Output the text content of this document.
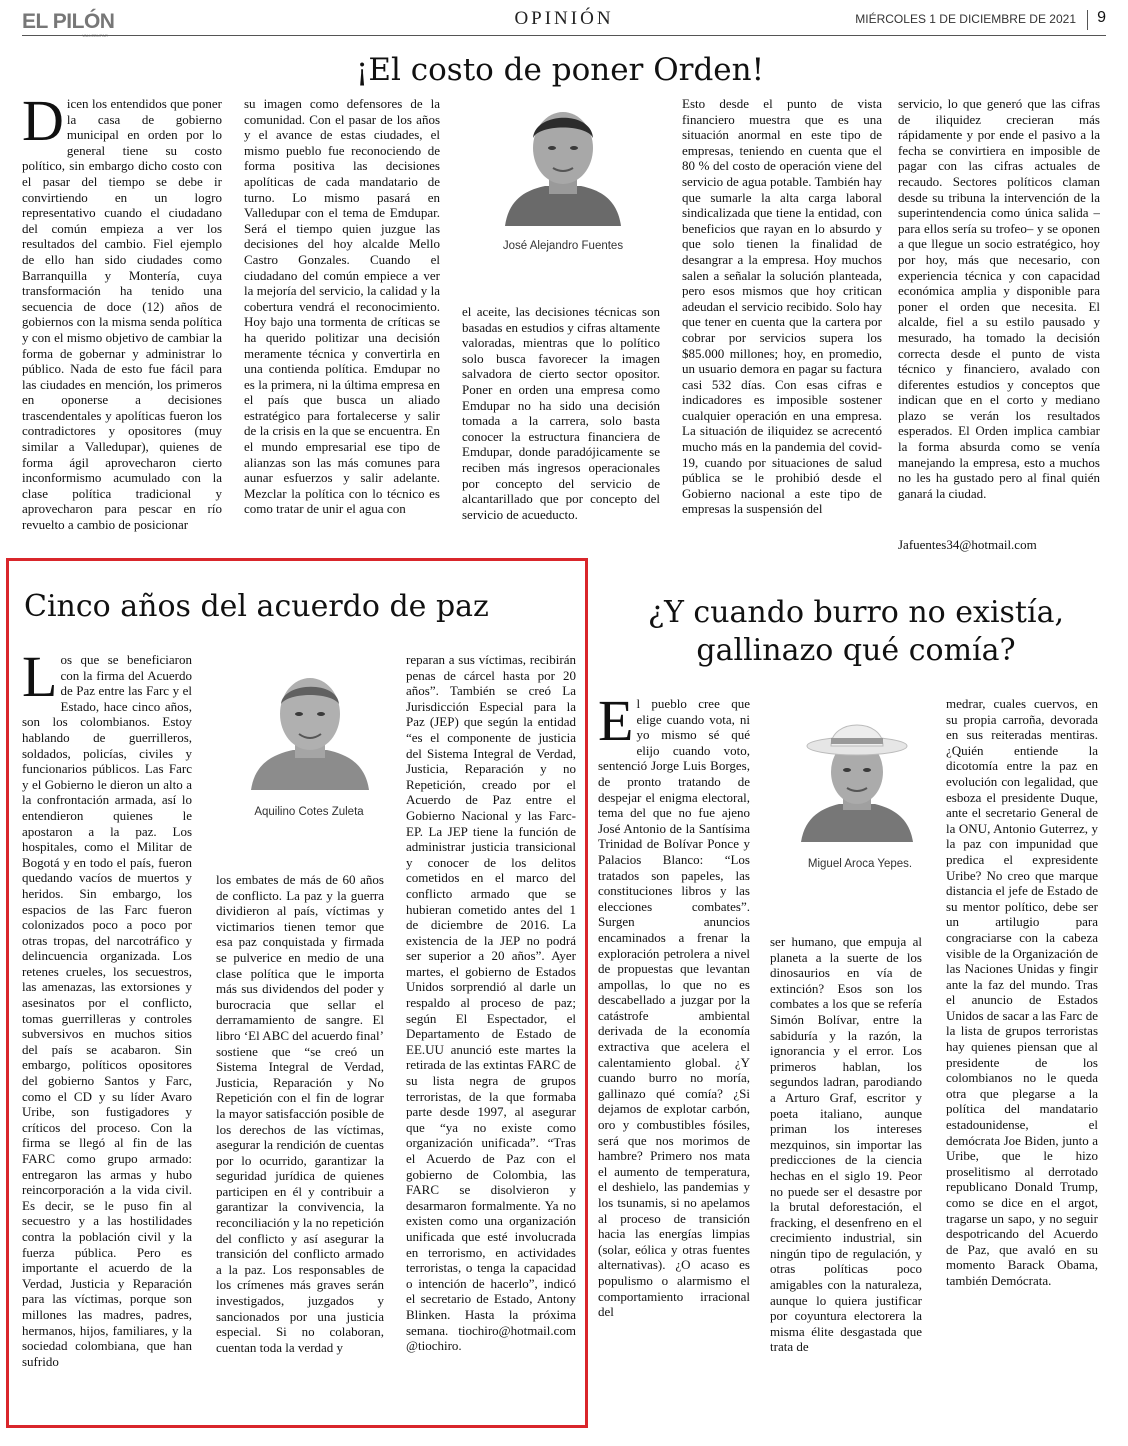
EL PILÓN	OPINIÓN	MIÉRCOLES 1 DE DICIEMBRE DE 2021 9
¡El costo de poner Orden!
D icen los entendidos que poner la casa de gobierno municipal en orden por lo general tiene su costo político, sin embargo dicho costo con el pasar del tiempo se debe ir convirtiendo en un logro representativo cuando el ciudadano del común empieza a ver los resultados del cambio. Fiel ejemplo de ello han sido ciudades como Barranquilla y Montería, cuya transformación ha tenido una secuencia de doce (12) años de gobiernos con la misma senda política y con el mismo objetivo de cambiar la forma de gobernar y administrar lo público. Nada de esto fue fácil para las ciudades en mención, los primeros en oponerse a decisiones trascendentales y apolíticas fueron los contradictores y opositores (muy similar a Valledupar), quienes de forma ágil aprovecharon cierto inconformismo acumulado con la clase política tradicional y aprovecharon para pescar en río revuelto a cambio de posicionar

su imagen como defensores de la comunidad. Con el pasar de los años y el avance de estas ciudades, el mismo pueblo fue reconociendo de forma positiva las decisiones apolíticas de cada mandatario de turno. Lo mismo pasará en Valledupar con el tema de Emdupar. Será el tiempo quien juzgue las decisiones del hoy alcalde Mello Castro Gonzales. Cuando el ciudadano del común empiece a ver la mejoría del servicio, la calidad y la cobertura vendrá el reconocimiento. Hoy bajo una tormenta de críticas se ha querido politizar una decisión meramente técnica y convertirla en una contienda política. Emdupar no es la primera, ni la última empresa en el país que busca un aliado estratégico para fortalecerse y salir de la crisis en la que se encuentra. En el mundo empresarial ese tipo de alianzas son las más comunes para aunar esfuerzos y salir adelante. Mezclar la política con lo técnico es como tratar de unir el agua con

José Alejandro Fuentes

el aceite, las decisiones técnicas son basadas en estudios y cifras altamente valoradas, mientras que lo político solo busca favorecer la imagen salvadora de cierto sector opositor. Poner en orden una empresa como Emdupar no ha sido una decisión tomada a la carrera, solo basta conocer la estructura financiera de Emdupar, donde paradójicamente se reciben más ingresos operacionales por concepto del servicio de alcantarillado que por concepto del servicio de acueducto.

Esto desde el punto de vista financiero muestra que es una situación anormal en este tipo de empresas, teniendo en cuenta que el 80 % del costo de operación viene del servicio de agua potable. También hay que sumarle la alta carga laboral sindicalizada que tiene la entidad, con beneficios que rayan en lo absurdo y que solo tienen la finalidad de desangrar a la empresa. Hoy muchos salen a señalar la solución planteada, pero esos mismos que hoy critican adeudan el servicio recibido. Solo hay que tener en cuenta que la cartera por cobrar por servicios supera los $85.000 millones; hoy, en promedio, un usuario demora en pagar su factura casi 532 días. Con esas cifras e indicadores es imposible sostener cualquier operación en una empresa. La situación de iliquidez se acrecentó mucho más en la pandemia del covid-19, cuando por situaciones de salud pública se le prohibió desde el Gobierno nacional a este tipo de empresas la suspensión del

servicio, lo que generó que las cifras de iliquidez crecieran más rápidamente y por ende el pasivo a la fecha se convirtiera en imposible de pagar con las cifras actuales de recaudo. Sectores políticos claman desde su tribuna la intervención de la superintendencia como única salida –para ellos sería su trofeo– y se oponen a que llegue un socio estratégico, hoy por hoy, más que necesario, con experiencia técnica y con capacidad económica amplia y disponible para poner el orden que necesita. El alcalde, fiel a su estilo pausado y mesurado, ha tomado la decisión correcta desde el punto de vista técnico y financiero, avalado con diferentes estudios y conceptos que indican que en el corto y mediano plazo se verán los resultados esperados. El Orden implica cambiar la forma absurda como se venía manejando la empresa, esto a muchos no les ha gustado pero al final quién ganará la ciudad.

Jafuentes34@hotmail.com

Cinco años del acuerdo de paz
L os que se beneficiaron con la firma del Acuerdo de Paz entre las Farc y el Estado, hace cinco años, son los colombianos. Estoy hablando de guerrilleros, soldados, policías, civiles y funcionarios públicos. Las Farc y el Gobierno le dieron un alto a la confrontación armada, así lo entendieron quienes le apostaron a la paz. Los hospitales, como el Militar de Bogotá y en todo el país, fueron quedando vacíos de muertos y heridos. Sin embargo, los espacios de las Farc fueron colonizados poco a poco por otras tropas, del narcotráfico y delincuencia organizada. Los retenes crueles, los secuestros, las amenazas, las extorsiones y asesinatos por el conflicto, tomas guerrilleras y controles subversivos en muchos sitios del país se acabaron. Sin embargo, políticos opositores del gobierno Santos y Farc, como el CD y su líder Avaro Uribe, son fustigadores y críticos del proceso. Con la firma se llegó al fin de las FARC como grupo armado: entregaron las armas y hubo reincorporación a la vida civil. Es decir, se le puso fin al secuestro y a las hostilidades contra la población civil y la fuerza pública. Pero es importante el acuerdo de la Verdad, Justicia y Reparación para las víctimas, porque son millones las madres, padres, hermanos, hijos, familiares, y la sociedad colombiana, que han sufrido

Aquilino Cotes Zuleta

los embates de más de 60 años de conflicto. La paz y la guerra dividieron al país, víctimas y victimarios tienen temor que esa paz conquistada y firmada se pulverice en medio de una clase política que le importa más sus dividendos del poder y burocracia que sellar el derramamiento de sangre. El libro ‘El ABC del acuerdo final’ sostiene que “se creó un Sistema Integral de Verdad, Justicia, Reparación y No Repetición con el fin de lograr la mayor satisfacción posible de los derechos de las víctimas, asegurar la rendición de cuentas por lo ocurrido, garantizar la seguridad jurídica de quienes participen en él y contribuir a garantizar la convivencia, la reconciliación y la no repetición del conflicto y así asegurar la transición del conflicto armado a la paz. Los responsables de los crímenes más graves serán investigados, juzgados y sancionados por una justicia especial. Si no colaboran, cuentan toda la verdad y

reparan a sus víctimas, recibirán penas de cárcel hasta por 20 años”. También se creó La Jurisdicción Especial para la Paz (JEP) que según la entidad “es el componente de justicia del Sistema Integral de Verdad, Justicia, Reparación y no Repetición, creado por el Acuerdo de Paz entre el Gobierno Nacional y las Farc-EP. La JEP tiene la función de administrar justicia transicional y conocer de los delitos cometidos en el marco del conflicto armado que se hubieran cometido antes del 1 de diciembre de 2016. La existencia de la JEP no podrá ser superior a 20 años”. Ayer martes, el gobierno de Estados Unidos sorprendió al darle un respaldo al proceso de paz; según El Espectador, el Departamento de Estado de EE.UU anunció este martes la retirada de las extintas FARC de su lista negra de grupos terroristas, de la que formaba parte desde 1997, al asegurar que “ya no existe como organización unificada”. “Tras el Acuerdo de Paz con el gobierno de Colombia, las FARC se disolvieron y desarmaron formalmente. Ya no existen como una organización unificada que esté involucrada en terrorismo, en actividades terroristas, o tenga la capacidad o intención de hacerlo”, indicó el secretario de Estado, Antony Blinken. Hasta la próxima semana. tiochiro@hotmail.com @tiochiro.

¿Y cuando burro no existía, gallinazo qué comía?
E l pueblo cree que elige cuando vota, ni yo mismo sé qué elijo cuando voto, sentenció Jorge Luis Borges, de pronto tratando de despejar el enigma electoral, tema del que no fue ajeno José Antonio de la Santísima Trinidad de Bolívar Ponce y Palacios Blanco: “Los tratados son papeles, las constituciones libros y las elecciones combates”. Surgen anuncios encaminados a frenar la exploración petrolera a nivel de propuestas que levantan ampollas, lo que no es descabellado a juzgar por la catástrofe ambiental derivada de la economía extractiva que acelera el calentamiento global. ¿Y cuando burro no moría, gallinazo qué comía? ¿Si dejamos de explotar carbón, oro y combustibles fósiles, será que nos morimos de hambre? Primero nos mata el aumento de temperatura, el deshielo, las pandemias y los tsunamis, si no apelamos al proceso de transición hacia las energías limpias (solar, eólica y otras fuentes alternativas). ¿O acaso es populismo o alarmismo el comportamiento irracional del

Miguel Aroca Yepes.

ser humano, que empuja al planeta a la suerte de los dinosaurios en vía de extinción? Esos son los combates a los que se refería Simón Bolívar, entre la sabiduría y la razón, la ignorancia y el error. Los primeros hablan, los segundos ladran, parodiando a Arturo Graf, escritor y poeta italiano, aunque priman los intereses mezquinos, sin importar las predicciones de la ciencia hechas en el siglo 19. Peor no puede ser el desastre por la brutal deforestación, el fracking, el desenfreno en el crecimiento industrial, sin ningún tipo de regulación, y otras políticas poco amigables con la naturaleza, aunque lo quiera justificar por coyuntura electorera la misma élite desgastada que trata de

medrar, cuales cuervos, en su propia carroña, devorada en sus reiteradas mentiras. ¿Quién entiende la dicotomía entre la paz en evolución con legalidad, que esboza el presidente Duque, ante el secretario General de la ONU, Antonio Guterrez, y la paz con impunidad que predica el expresidente Uribe? No creo que marque distancia el jefe de Estado de su mentor político, debe ser un artilugio para congraciarse con la cabeza visible de la Organización de las Naciones Unidas y fingir ante la faz del mundo. Tras el anuncio de Estados Unidos de sacar a las Farc de la lista de grupos terroristas hay quienes piensan que al presidente de los colombianos no le queda otra que plegarse a la política del mandatario estadounidense, el demócrata Joe Biden, junto a Uribe, que le hizo proselitismo al derrotado republicano Donald Trump, como se dice en el argot, tragarse un sapo, y no seguir despotricando del Acuerdo de Paz, que avaló en su momento Barack Obama, también Demócrata.
